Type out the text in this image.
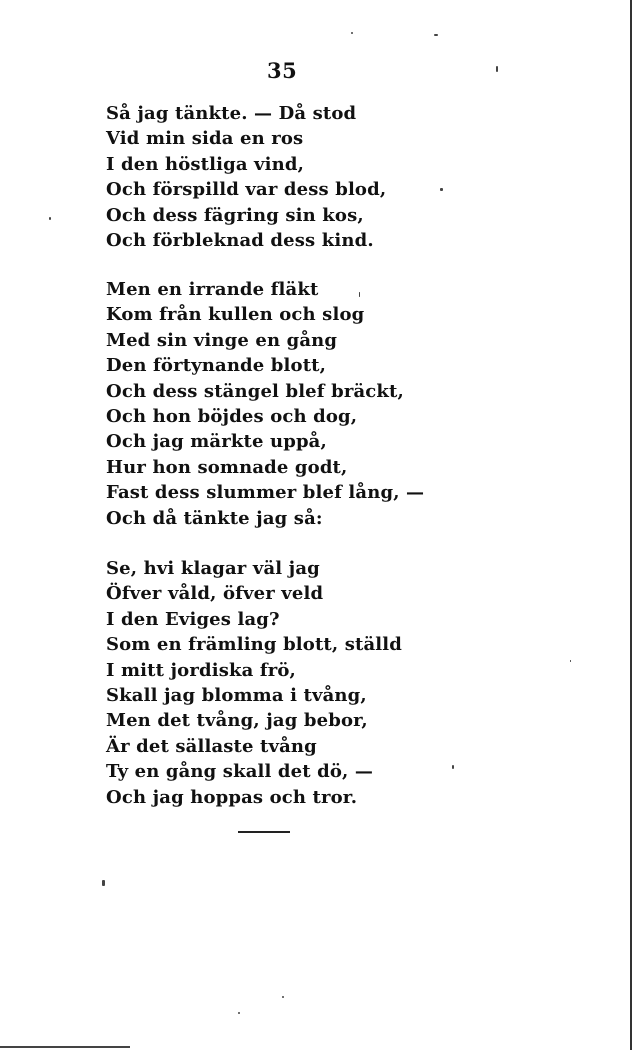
35
Så jag tänkte. — Då stod
Vid min sida en ros
I den höstliga vind,
Och förspilld var dess blod,
Och dess fägring sin kos,
Och förbleknad dess kind.
Men en irrande fläkt
Kom från kullen och slog
Med sin vinge en gång
Den förtynande blott,
Och dess stängel blef bräckt,
Och hon böjdes och dog,
Och jag märkte uppå,
Hur hon somnade godt,
Fast dess slummer blef lång, —
Och då tänkte jag så:
Se, hvi klagar väl jag
Öfver våld, öfver veld
I den Eviges lag?
Som en främling blott, ställd
I mitt jordiska frö,
Skall jag blomma i tvång,
Men det tvång, jag bebor,
Är det sällaste tvång
Ty en gång skall det dö, —
Och jag hoppas och tror.
